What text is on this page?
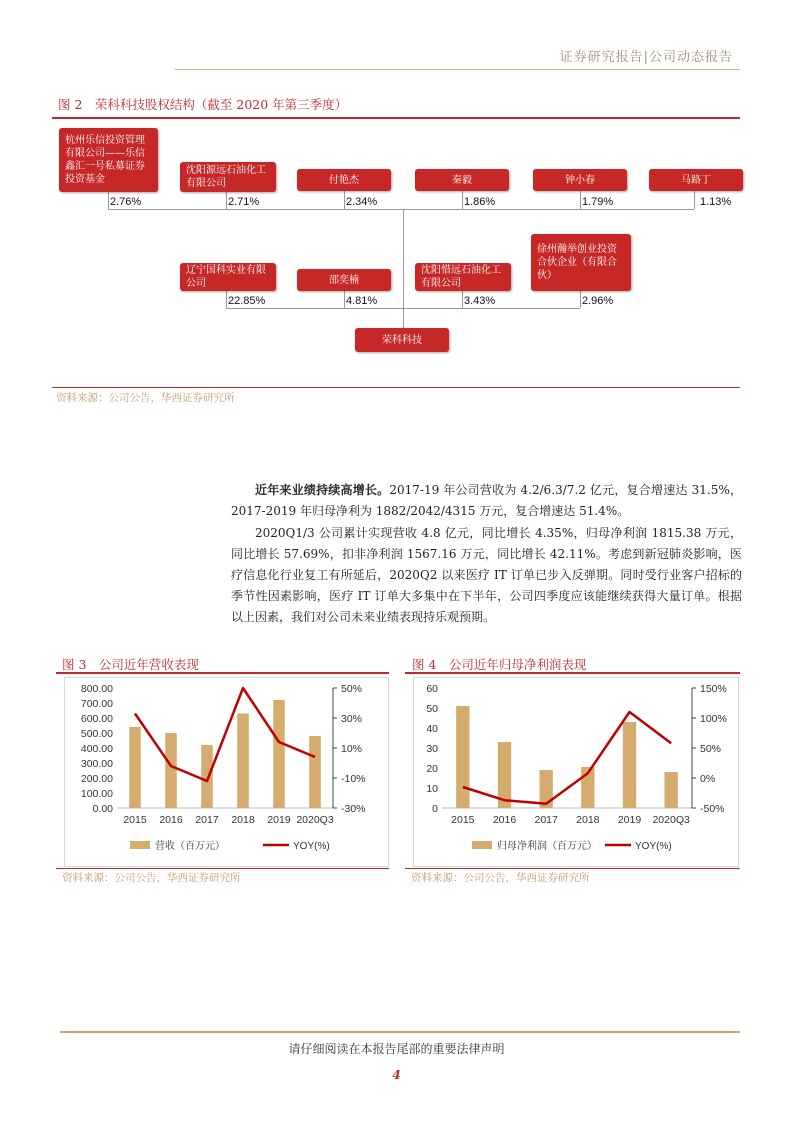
证券研究报告|公司动态报告
图 2　荣科科技股权结构（截至 2020 年第三季度）
杭州乐信投资管理有限公司——乐信鑫汇一号私募证券投资基金
2.76%
沈阳源远石油化工有限公司
2.71%
付艳杰
2.34%
秦毅
1.86%
钟小春
1.79%
马路丁
1.13%
辽宁国科实业有限公司
22.85%
邵奕楠
4.81%
沈阳惜远石油化工有限公司
3.43%
徐州瀚举创业投资合伙企业（有限合伙）
2.96%
荣科科技
资料来源：公司公告，华西证券研究所
近年来业绩持续高增长。2017-19 年公司营收为 4.2/6.3/7.2 亿元，复合增速达 31.5%，2017-2019 年归母净利为 1882/2042/4315 万元，复合增速达 51.4%。
2020Q1/3 公司累计实现营收 4.8 亿元，同比增长 4.35%，归母净利润 1815.38 万元，同比增长 57.69%，扣非净利润 1567.16 万元，同比增长 42.11%。考虑到新冠肺炎影响，医疗信息化行业复工有所延后，2020Q2 以来医疗 IT 订单已步入反弹期。同时受行业客户招标的季节性因素影响，医疗 IT 订单大多集中在下半年，公司四季度应该能继续获得大量订单。根据以上因素，我们对公司未来业绩表现持乐观预期。
图 3　公司近年营收表现
800.00
700.00
600.00
500.00
400.00
300.00
200.00
100.00
0.00
50%
30%
10%
-10%
-30%
2015 2016 2017 2018 2019 2020Q3
营收（百万元）	YOY(%)
资料来源：公司公告，华西证券研究所
图 4　公司近年归母净利润表现
60
50
40
30
20
10
0
150%
100%
50%
0%
-50%
2015 2016 2017 2018 2019 2020Q3
归母净利润（百万元）	YOY(%)
资料来源：公司公告，华西证券研究所
请仔细阅读在本报告尾部的重要法律声明
4
